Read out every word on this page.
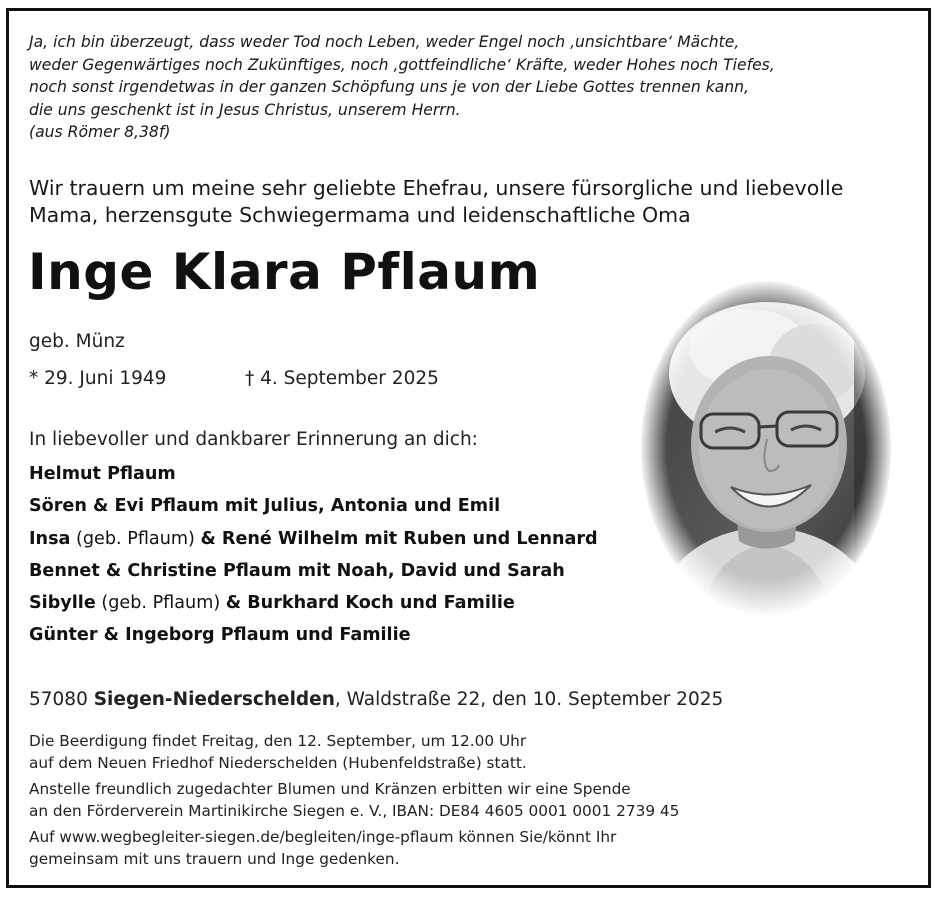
Ja, ich bin überzeugt, dass weder Tod noch Leben, weder Engel noch ‚unsichtbare‘ Mächte,
weder Gegenwärtiges noch Zukünftiges, noch ‚gottfeindliche‘ Kräfte, weder Hohes noch Tiefes,
noch sonst irgendetwas in der ganzen Schöpfung uns je von der Liebe Gottes trennen kann,
die uns geschenkt ist in Jesus Christus, unserem Herrn.
(aus Römer 8,38f)
Wir trauern um meine sehr geliebte Ehefrau, unsere fürsorgliche und liebevolle
Mama, herzensgute Schwiegermama und leidenschaftliche Oma
Inge Klara Pflaum
geb. Münz
* 29. Juni 1949	† 4. September 2025
In liebevoller und dankbarer Erinnerung an dich:
Helmut Pflaum
Sören & Evi Pflaum mit Julius, Antonia und Emil
Insa (geb. Pflaum) & René Wilhelm mit Ruben und Lennard
Bennet & Christine Pflaum mit Noah, David und Sarah
Sibylle (geb. Pflaum) & Burkhard Koch und Familie
Günter & Ingeborg Pflaum und Familie
57080 Siegen-Niederschelden, Waldstraße 22, den 10. September 2025

Die Beerdigung findet Freitag, den 12. September, um 12.00 Uhr
auf dem Neuen Friedhof Niederschelden (Hubenfeldstraße) statt.

Anstelle freundlich zugedachter Blumen und Kränzen erbitten wir eine Spende
an den Förderverein Martinikirche Siegen e. V., IBAN: DE84 4605 0001 0001 2739 45

Auf www.wegbegleiter-siegen.de/begleiten/inge-pflaum können Sie/könnt Ihr
gemeinsam mit uns trauern und Inge gedenken.
